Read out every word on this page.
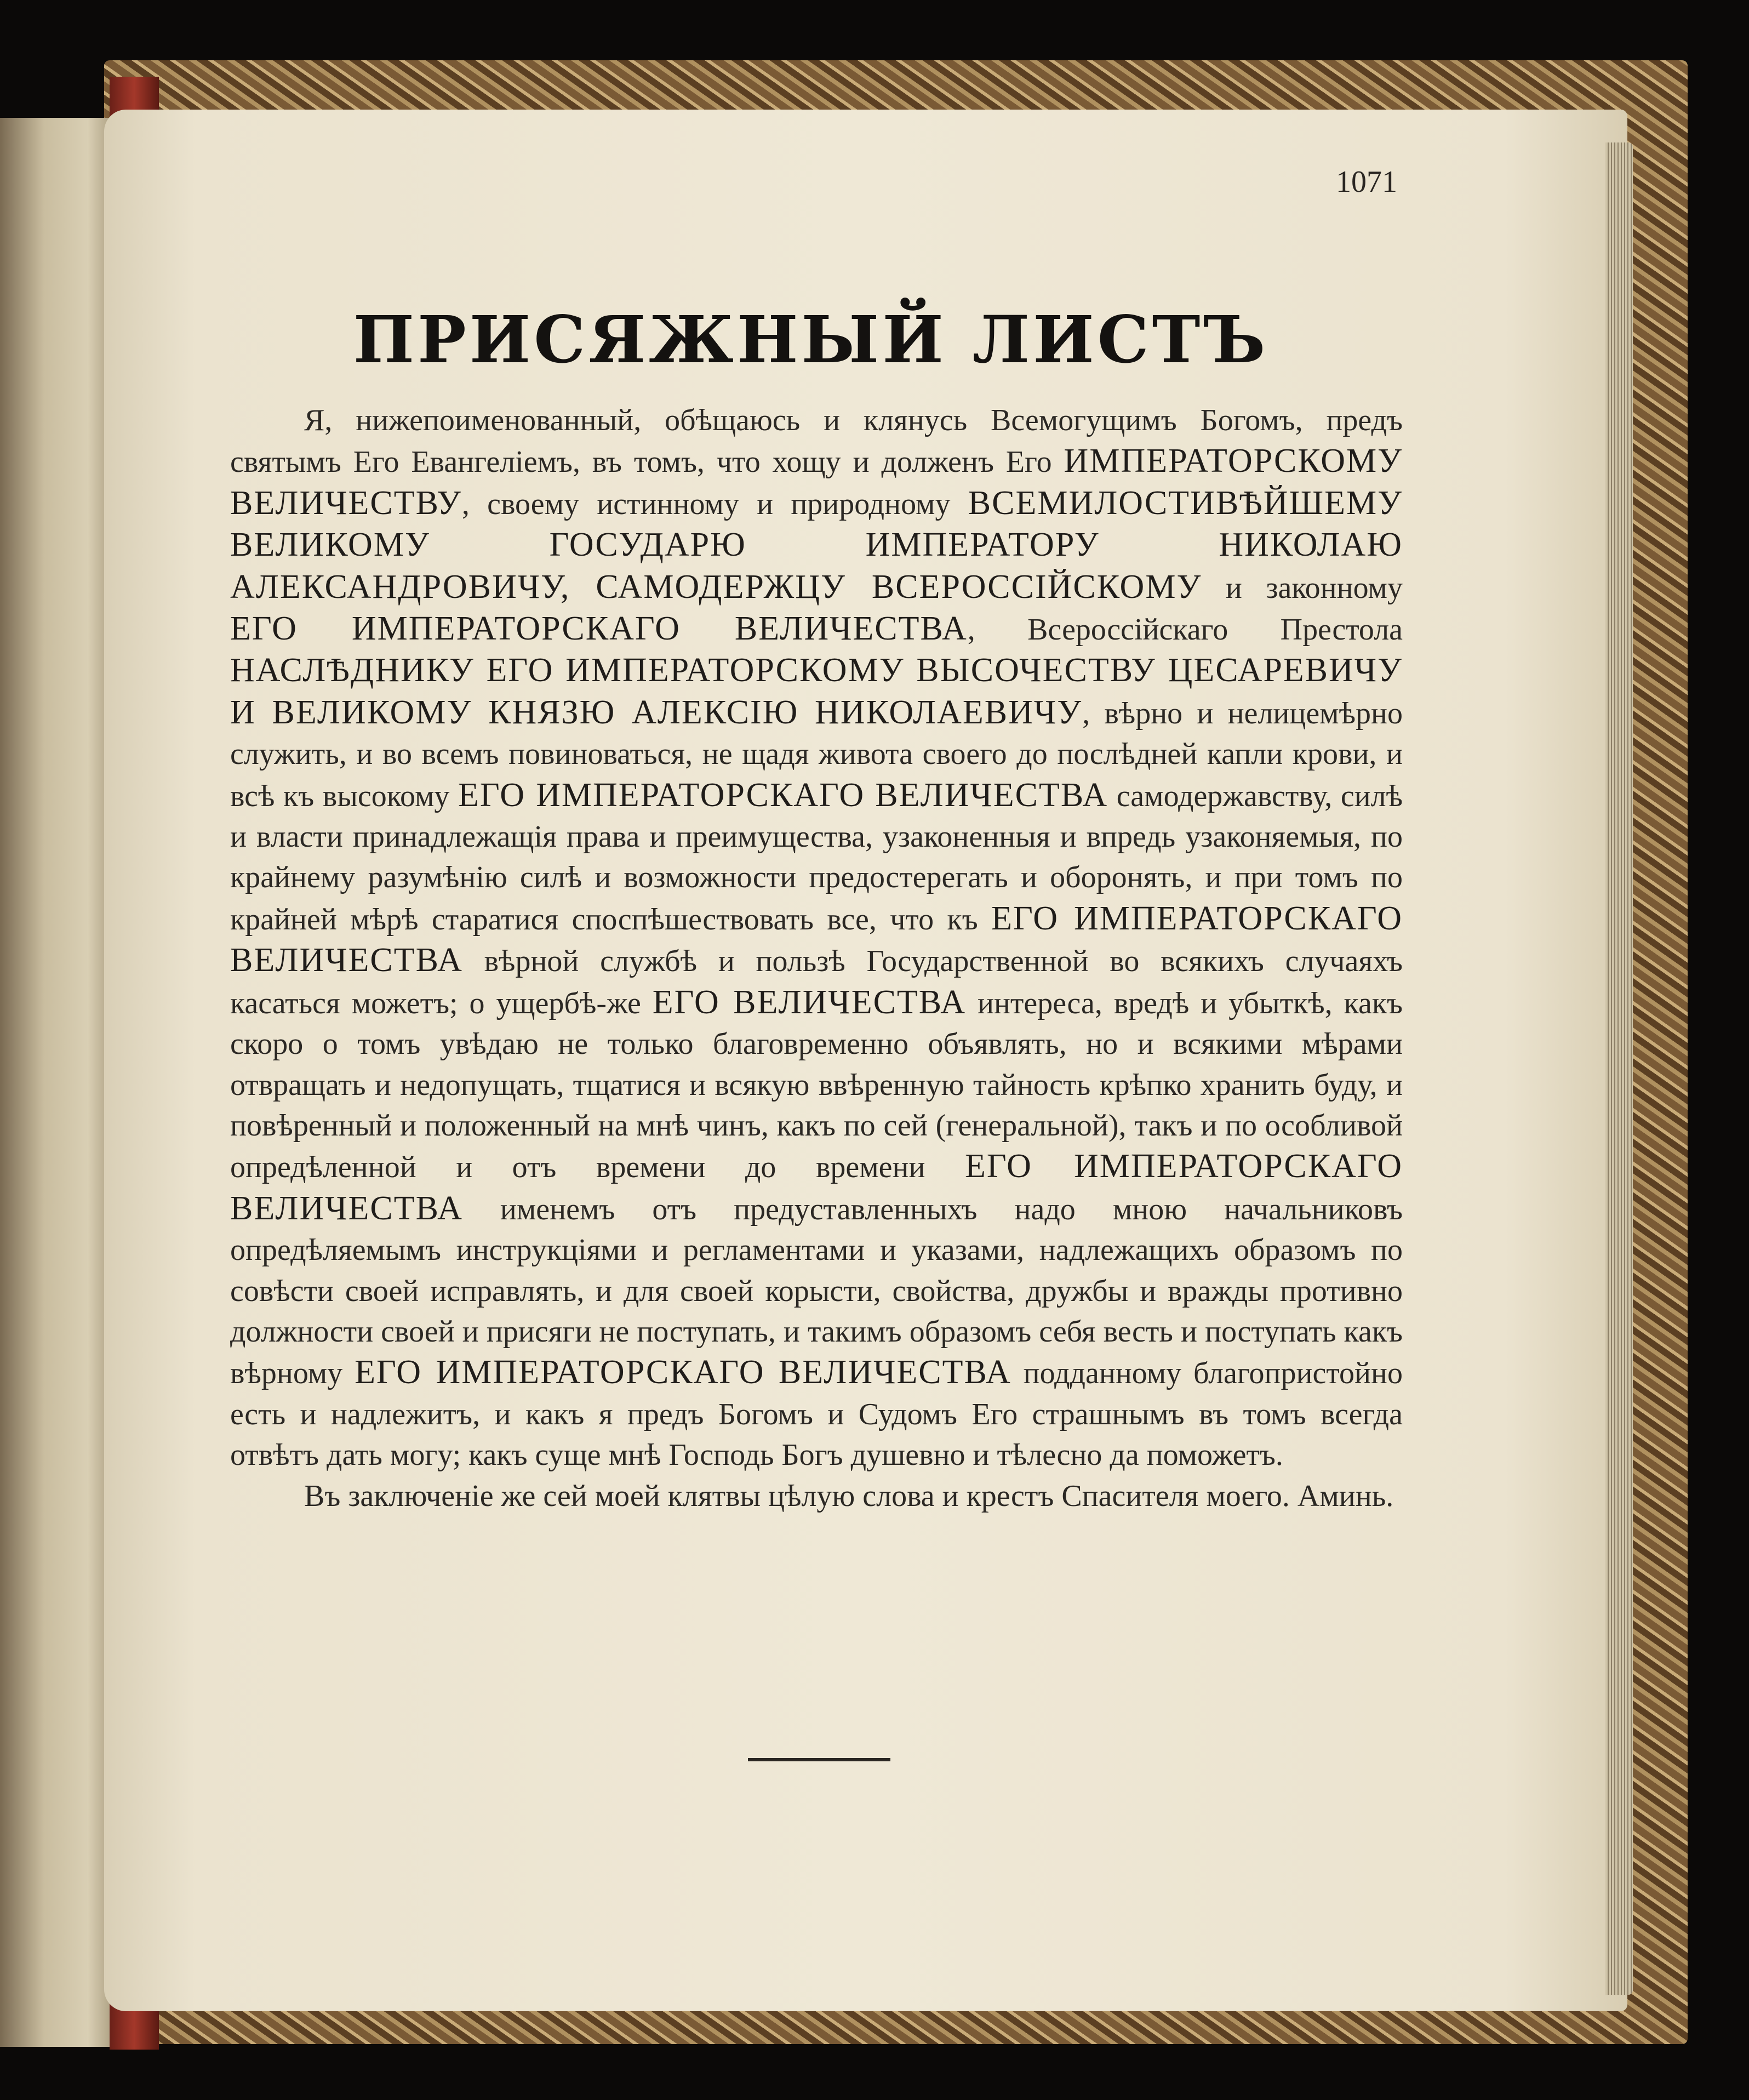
1071
ПРИСЯЖНЫЙ ЛИСТЪ

Я, нижепоименованный, обѣщаюсь и клянусь Всемогущимъ Богомъ, предъ святымъ Его Евангеліемъ, въ томъ, что хощу и долженъ Его ИМПЕРАТОРСКОМУ ВЕЛИЧЕСТВУ, своему истинному и природному ВСЕМИЛОСТИВѢЙШЕМУ ВЕЛИКОМУ ГОСУДАРЮ ИМПЕРАТОРУ НИКОЛАЮ АЛЕКСАНДРОВИЧУ, САМОДЕРЖЦУ ВСЕРОССІЙСКОМУ и законному ЕГО ИМПЕРАТОРСКАГО ВЕЛИЧЕСТВА, Всероссійскаго Престола НАСЛѢДНИКУ ЕГО ИМПЕРАТОРСКОМУ ВЫСОЧЕСТВУ ЦЕСАРЕВИЧУ И ВЕЛИКОМУ КНЯЗЮ АЛЕКСІЮ НИКОЛАЕВИЧУ, вѣрно и нелицемѣрно служить, и во всемъ повиноваться, не щадя живота своего до послѣдней капли крови, и всѣ къ высокому ЕГО ИМПЕРАТОРСКАГО ВЕЛИЧЕСТВА самодержавству, силѣ и власти принадлежащія права и преимущества, узаконенныя и впредь узаконяемыя, по крайнему разумѣнію силѣ и возможности предостерегать и оборонять, и при томъ по крайней мѣрѣ старатися споспѣшествовать все, что къ ЕГО ИМПЕРАТОРСКАГО ВЕЛИЧЕСТВА вѣрной службѣ и пользѣ Государственной во всякихъ случаяхъ касаться можетъ; о ущербѣ-же ЕГО ВЕЛИЧЕСТВА интереса, вредѣ и убыткѣ, какъ скоро о томъ увѣдаю не только благовременно объявлять, но и всякими мѣрами отвращать и недопущать, тщатися и всякую ввѣренную тайность крѣпко хранить буду, и повѣренный и положенный на мнѣ чинъ, какъ по сей (генеральной), такъ и по особливой опредѣленной и отъ времени до времени ЕГО ИМПЕРАТОРСКАГО ВЕЛИЧЕСТВА именемъ отъ предуставленныхъ надо мною начальниковъ опредѣляемымъ инструкціями и регламентами и указами, надлежащихъ образомъ по совѣсти своей исправлять, и для своей корысти, свойства, дружбы и вражды противно должности своей и присяги не поступать, и такимъ образомъ себя весть и поступать какъ вѣрному ЕГО ИМПЕРАТОРСКАГО ВЕЛИЧЕСТВА подданному благопристойно есть и надлежитъ, и какъ я предъ Богомъ и Судомъ Его страшнымъ въ томъ всегда отвѣтъ дать могу; какъ суще мнѣ Господь Богъ душевно и тѣлесно да поможетъ.

Въ заключеніе же сей моей клятвы цѣлую слова и крестъ Спасителя моего. Аминь.
